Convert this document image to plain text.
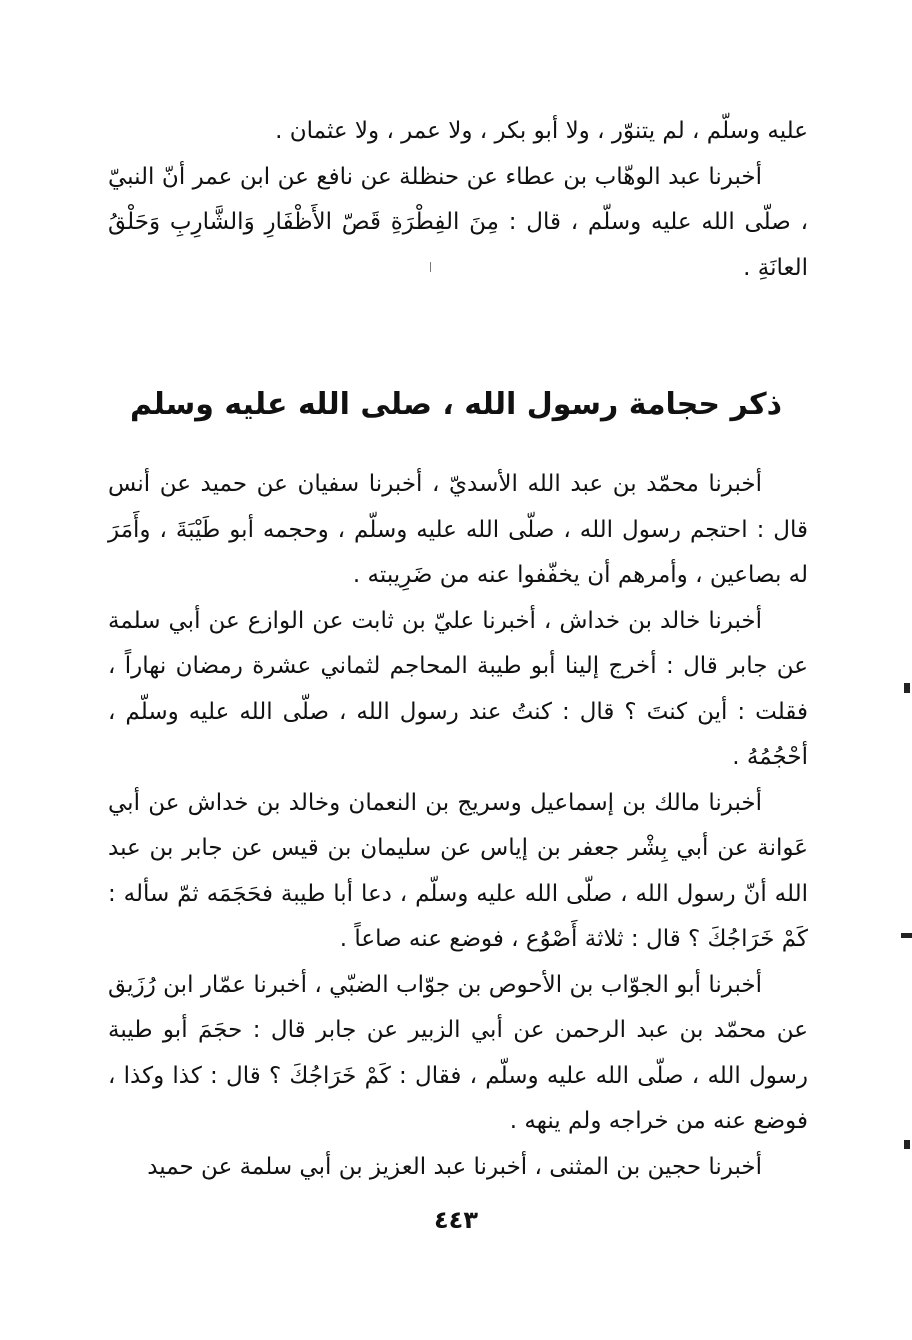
عليه وسلّم ، لم يتنوّر ، ولا أبو بكر ، ولا عمر ، ولا عثمان .

أخبرنا عبد الوهّاب بن عطاء عن حنظلة عن نافع عن ابن عمر أنّ النبيّ ، صلّى الله عليه وسلّم ، قال : مِنَ الفِطْرَةِ قَصّ الأَظْفَارِ وَالشَّارِبِ وَحَلْقُ العانَةِ .

ذكر حجامة رسول الله ، صلى الله عليه وسلم

أخبرنا محمّد بن عبد الله الأسديّ ، أخبرنا سفيان عن حميد عن أنس قال : احتجم رسول الله ، صلّى الله عليه وسلّم ، وحجمه أبو طَيْبَةَ ، وأَمَرَ له بصاعين ، وأمرهم أن يخفّفوا عنه من ضَرِيبته .

أخبرنا خالد بن خداش ، أخبرنا عليّ بن ثابت عن الوازع عن أبي سلمة عن جابر قال : أخرج إلينا أبو طيبة المحاجم لثماني عشرة رمضان نهاراً ، فقلت : أين كنتَ ؟ قال : كنتُ عند رسول الله ، صلّى الله عليه وسلّم ، أحْجُمُهُ .

أخبرنا مالك بن إسماعيل وسريج بن النعمان وخالد بن خداش عن أبي عَوانة عن أبي بِشْر جعفر بن إياس عن سليمان بن قيس عن جابر بن عبد الله أنّ رسول الله ، صلّى الله عليه وسلّم ، دعا أبا طيبة فحَجَمَه ثمّ سأله : كَمْ خَرَاجُكَ ؟ قال : ثلاثة أَصْوُع ، فوضع عنه صاعاً .

أخبرنا أبو الجوّاب بن الأحوص بن جوّاب الضبّي ، أخبرنا عمّار ابن رُزَيق عن محمّد بن عبد الرحمن عن أبي الزبير عن جابر قال : حجَمَ أبو طيبة رسول الله ، صلّى الله عليه وسلّم ، فقال : كَمْ خَرَاجُكَ ؟ قال : كذا وكذا ، فوضع عنه من خراجه ولم ينهه .

أخبرنا حجين بن المثنى ، أخبرنا عبد العزيز بن أبي سلمة عن حميد

٤٤٣
